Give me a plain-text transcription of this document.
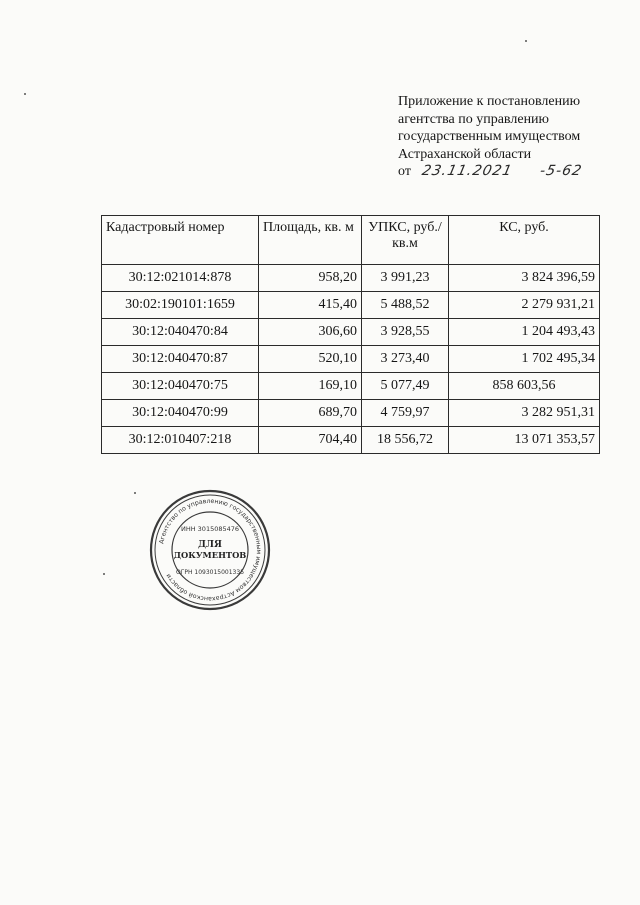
Приложение к постановлению
агентства по управлению
государственным имуществом
Астраханской области
от 23.11.2021 -5-62
Кадастровый номер	Площадь, кв. м	УПКС, руб./кв.м	КС, руб.
30:12:021014:878	958,20	3 991,23	3 824 396,59
30:02:190101:1659	415,40	5 488,52	2 279 931,21
30:12:040470:84	306,60	3 928,55	1 204 493,43
30:12:040470:87	520,10	3 273,40	1 702 495,34
30:12:040470:75	169,10	5 077,49	858 603,56
30:12:040470:99	689,70	4 759,97	3 282 951,31
30:12:010407:218	704,40	18 556,72	13 071 353,57
Агентство по управлению государственным имуществом Астраханской области
ИНН 3015085476
ДЛЯ
ДОКУМЕНТОВ
ОГРН 1093015001335
